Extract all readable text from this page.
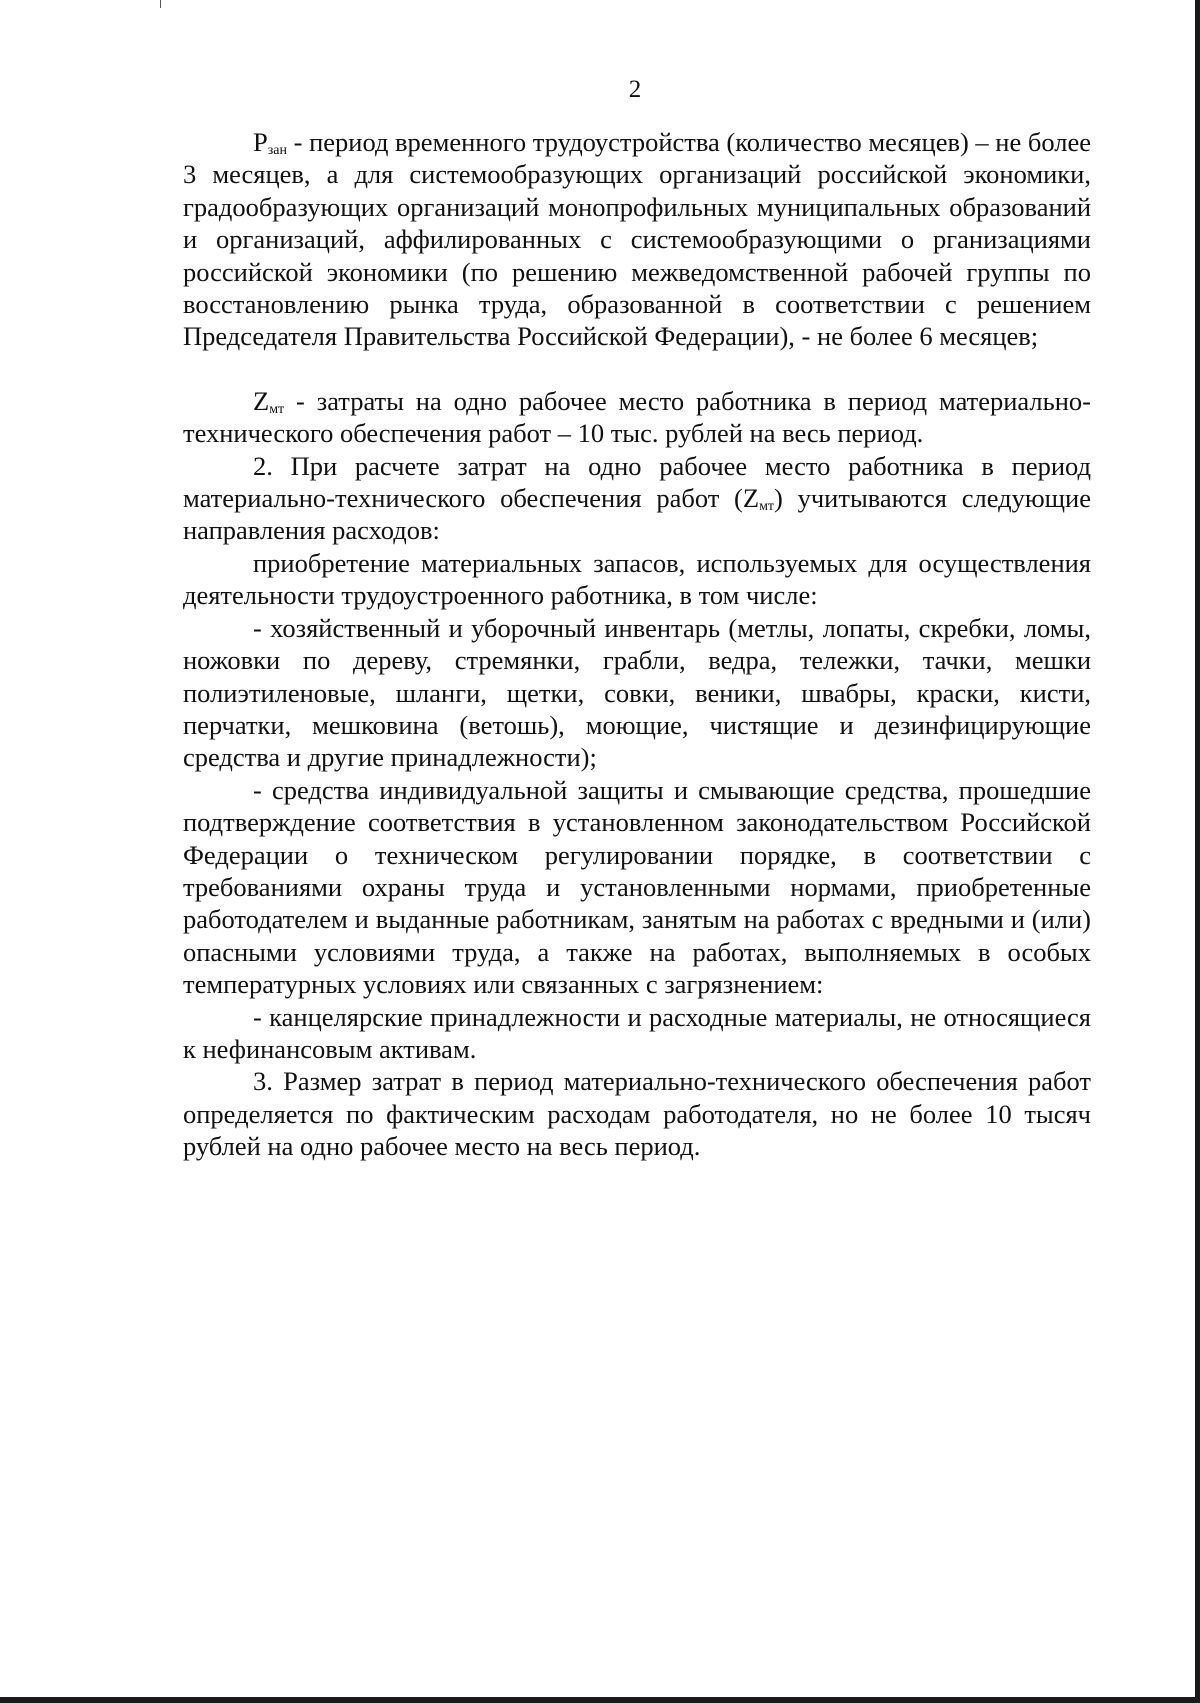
2

$P_{зан}$ - период временного трудоустройства (количество месяцев) – не более 3 месяцев, а для системообразующих организаций российской экономики, градообразующих организаций монопрофильных муниципальных образований и организаций, аффилированных с системообразующими о рганизациями российской экономики (по решению межведомственной рабочей группы по восстановлению рынка труда, образованной в соответствии с решением Председателя Правительства Российской Федерации), - не более 6 месяцев;

$Z_{мт}$ - затраты на одно рабочее место работника в период материально-технического обеспечения работ – 10 тыс. рублей на весь период.

2. При расчете затрат на одно рабочее место работника в период материально-технического обеспечения работ $(Z_{мт})$ учитываются следующие направления расходов:

приобретение материальных запасов, используемых для осуществления деятельности трудоустроенного работника, в том числе:

- хозяйственный и уборочный инвентарь (метлы, лопаты, скребки, ломы, ножовки по дереву, стремянки, грабли, ведра, тележки, тачки, мешки полиэтиленовые, шланги, щетки, совки, веники, швабры, краски, кисти, перчатки, мешковина (ветошь), моющие, чистящие и дезинфицирующие средства и другие принадлежности);

- средства индивидуальной защиты и смывающие средства, прошедшие подтверждение соответствия в установленном законодательством Российской Федерации о техническом регулировании порядке, в соответствии с требованиями охраны труда и установленными нормами, приобретенные работодателем и выданные работникам, занятым на работах с вредными и (или) опасными условиями труда, а также на работах, выполняемых в особых температурных условиях или связанных с загрязнением:

- канцелярские принадлежности и расходные материалы, не относящиеся к нефинансовым активам.

3. Размер затрат в период материально-технического обеспечения работ определяется по фактическим расходам работодателя, но не более 10 тысяч рублей на одно рабочее место на весь период.
